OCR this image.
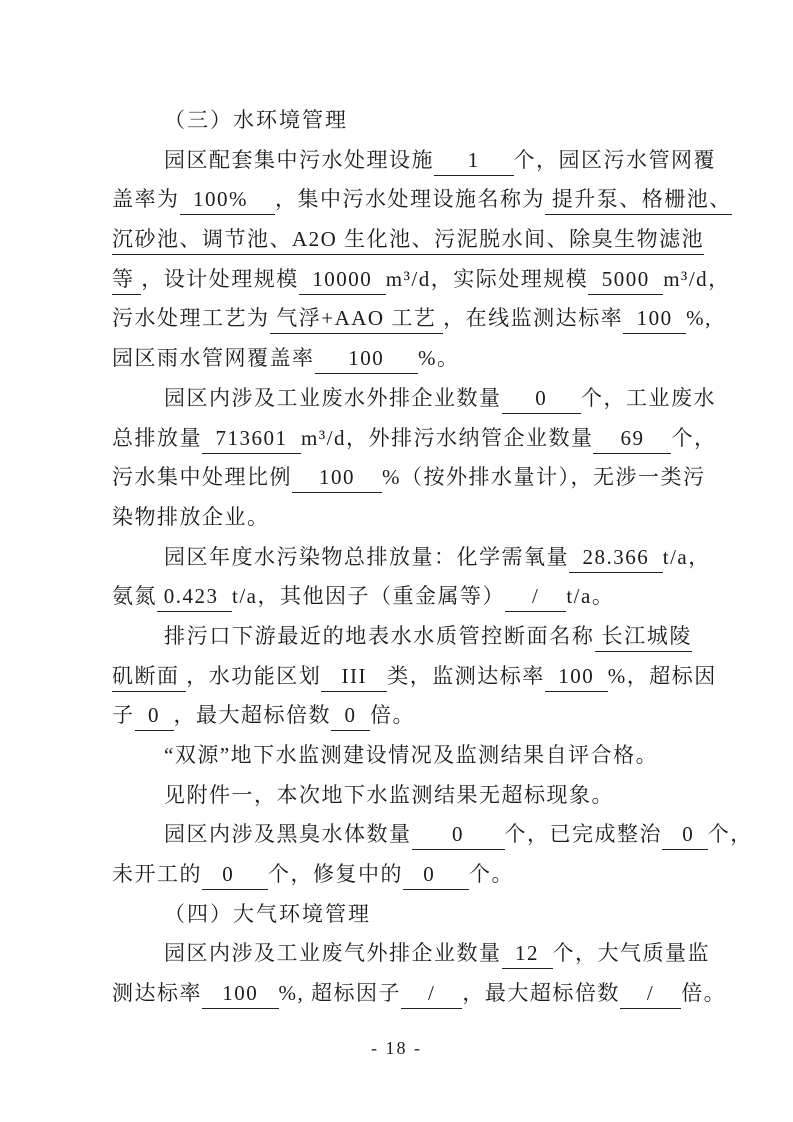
（三）水环境管理
园区配套集中污水处理设施     1     个，园区污水管网覆
盖率为  100%    ，集中污水处理设施名称为 提升泵、格栅池、
沉砂池、调节池、A2O 生化池、污泥脱水间、除臭生物滤池
等 ，设计处理规模  10000  m³/d，实际处理规模  5000  m³/d，
污水处理工艺为 气浮+AAO 工艺 ，在线监测达标率  100  %,
园区雨水管网覆盖率     100     %。
园区内涉及工业废水外排企业数量     0     个，工业废水
总排放量  713601  m³/d，外排污水纳管企业数量    69    个，
污水集中处理比例    100    %（按外排水量计），无涉一类污
染物排放企业。
园区年度水污染物总排放量：化学需氧量  28.366  t/a，
氨氮 0.423  t/a，其他因子（重金属等）    /    t/a。
排污口下游最近的地表水水质管控断面名称 长江城陵
矶断面 ，水功能区划   III   类，监测达标率  100  %，超标因
子  0  ，最大超标倍数  0  倍。
“双源”地下水监测建设情况及监测结果自评合格。
见附件一，本次地下水监测结果无超标现象。
园区内涉及黑臭水体数量      0      个，已完成整治   0  个，
未开工的   0     个，修复中的   0     个。
（四）大气环境管理
园区内涉及工业废气外排企业数量  12  个，大气质量监
测达标率   100   %, 超标因子    /    ，最大超标倍数    /    倍。
- 18 -
